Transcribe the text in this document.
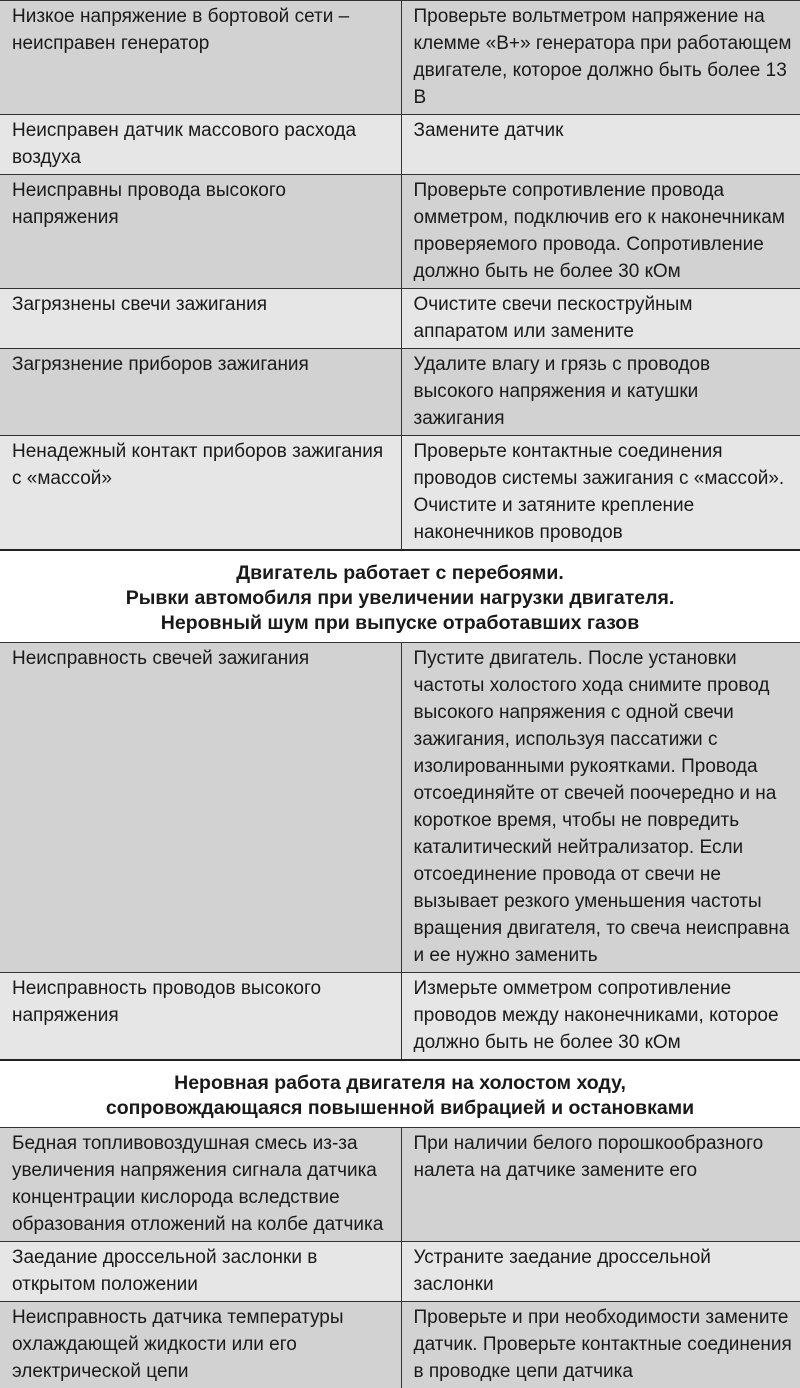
Низкое напряжение в бортовой сети – неисправен генератор	Проверьте вольтметром напряжение на клемме «B+» генератора при работающем двигателе, которое должно быть более 13 В
Неисправен датчик массового расхода воздуха	Замените датчик
Неисправны провода высокого напряжения	Проверьте сопротивление провода омметром, подключив его к наконечникам проверяемого провода. Сопротивление должно быть не более 30 кОм
Загрязнены свечи зажигания	Очистите свечи пескоструйным аппаратом или замените
Загрязнение приборов зажигания	Удалите влагу и грязь с проводов высокого напряжения и катушки зажигания
Ненадежный контакт приборов зажигания с «массой»	Проверьте контактные соединения проводов системы зажигания с «массой». Очистите и затяните крепление наконечников проводов

Двигатель работает с перебоями.
Рывки автомобиля при увеличении нагрузки двигателя.
Неровный шум при выпуске отработавших газов	

Неисправность свечей зажигания	Пустите двигатель. После установки частоты холостого хода снимите провод высокого напряжения с одной свечи зажигания, используя пассатижи с изолированными рукоятками. Провода отсоединяйте от свечей поочередно и на короткое время, чтобы не повредить каталитический нейтрализатор. Если отсоединение провода от свечи не вызывает резкого уменьшения частоты вращения двигателя, то свеча неисправна и ее нужно заменить
Неисправность проводов высокого напряжения	Измерьте омметром сопротивление проводов между наконечниками, которое должно быть не более 30 кОм

Неровная работа двигателя на холостом ходу,
сопровождающаяся повышенной вибрацией и остановками	

Бедная топливовоздушная смесь из-за увеличения напряжения сигнала датчика концентрации кислорода вследствие образования отложений на колбе датчика	При наличии белого порошкообразного налета на датчике замените его
Заедание дроссельной заслонки в открытом положении	Устраните заедание дроссельной заслонки
Неисправность датчика температуры охлаждающей жидкости или его электрической цепи	Проверьте и при необходимости замените датчик. Проверьте контактные соединения в проводке цепи датчика
